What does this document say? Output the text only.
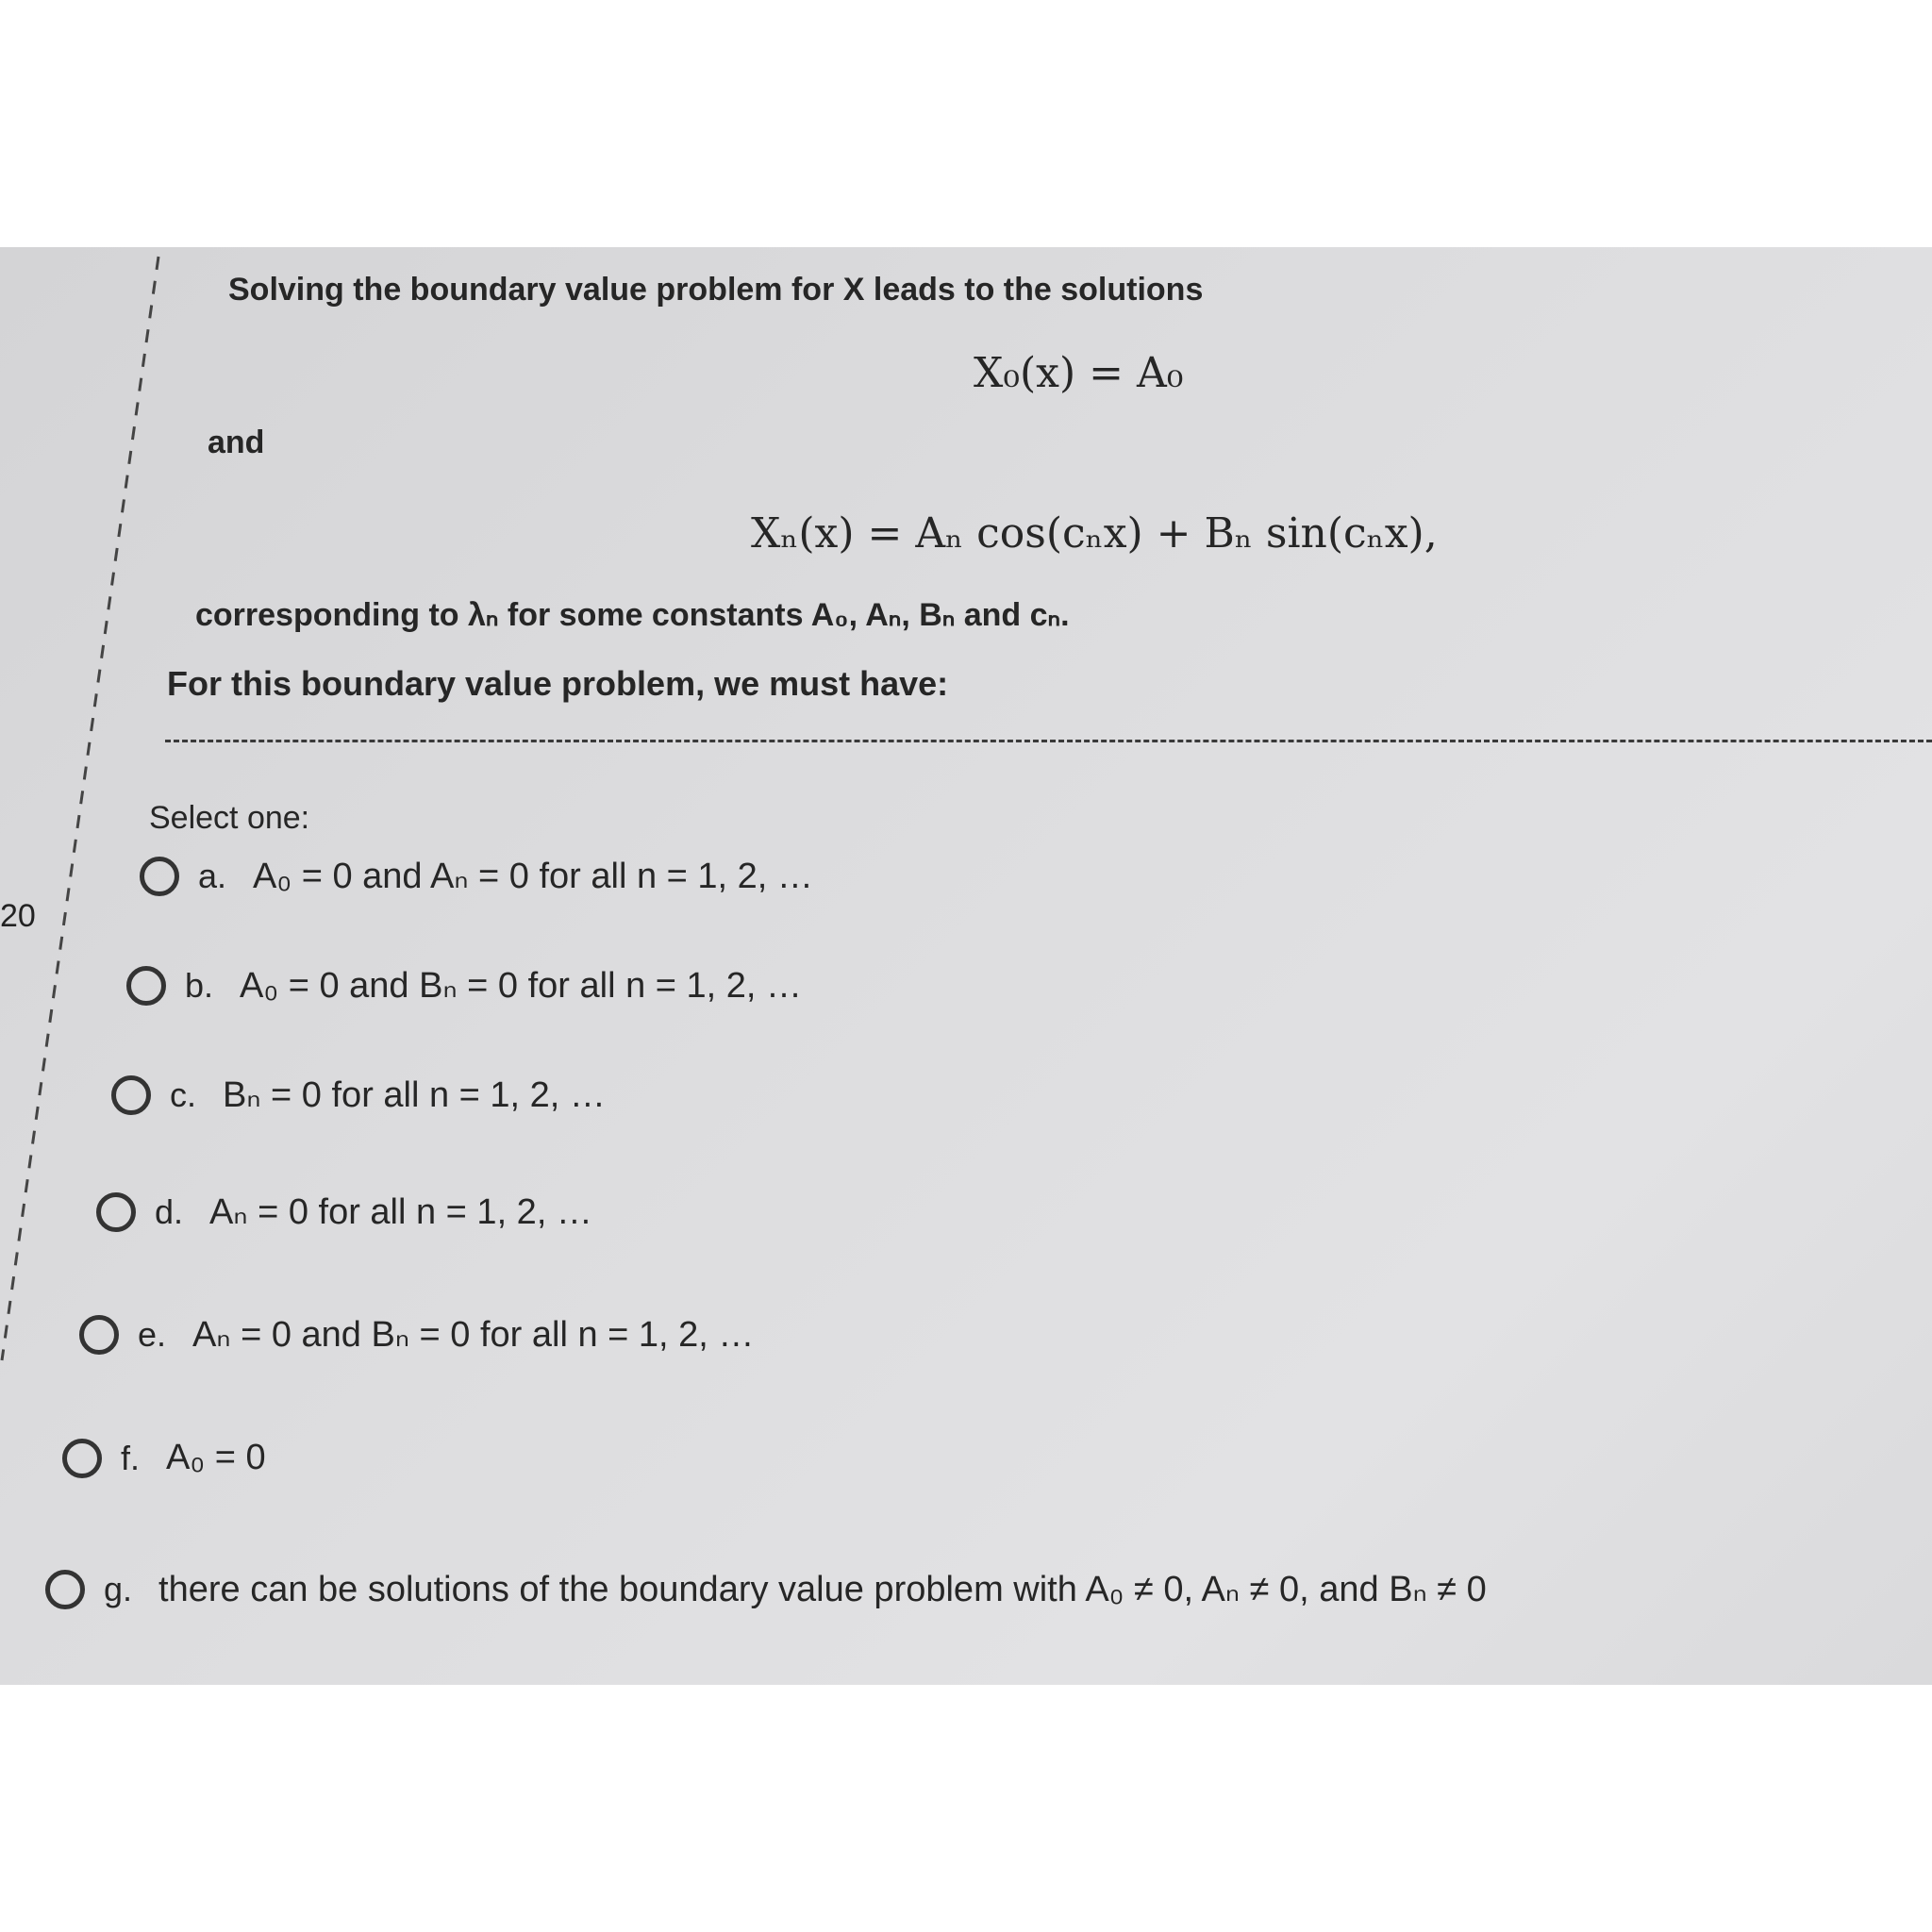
20
Solving the boundary value problem for X leads to the solutions
X₀(x) = A₀
and
Xₙ(x) = Aₙ cos(cₙx) + Bₙ sin(cₙx),
corresponding to λₙ for some constants A₀, Aₙ, Bₙ and cₙ.
For this boundary value problem, we must have:
Select one:
a. A₀ = 0 and Aₙ = 0 for all n = 1, 2, …
b. A₀ = 0 and Bₙ = 0 for all n = 1, 2, …
c. Bₙ = 0 for all n = 1, 2, …
d. Aₙ = 0 for all n = 1, 2, …
e. Aₙ = 0 and Bₙ = 0 for all n = 1, 2, …
f. A₀ = 0
g. there can be solutions of the boundary value problem with A₀ ≠ 0, Aₙ ≠ 0, and Bₙ ≠ 0
